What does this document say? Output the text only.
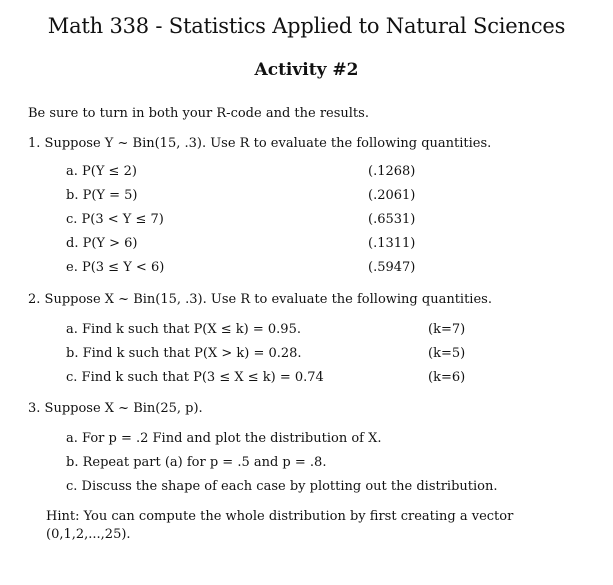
Math 338 - Statistics Applied to Natural Sciences
Activity #2
Be sure to turn in both your R-code and the results.
1. Suppose Y ~ Bin(15, .3). Use R to evaluate the following quantities.
a. P(Y ≤ 2)	(.1268)
b. P(Y = 5)	(.2061)
c. P(3 < Y ≤ 7)	(.6531)
d. P(Y > 6)	(.1311)
e. P(3 ≤ Y < 6)	(.5947)
2. Suppose X ~ Bin(15, .3). Use R to evaluate the following quantities.
a. Find k such that P(X ≤ k) = 0.95.	(k=7)
b. Find k such that P(X > k) = 0.28.	(k=5)
c. Find k such that P(3 ≤ X ≤ k) = 0.74	(k=6)
3. Suppose X ~ Bin(25, p).
a. For p = .2 Find and plot the distribution of X.
b. Repeat part (a) for p = .5 and p = .8.
c. Discuss the shape of each case by plotting out the distribution.
Hint: You can compute the whole distribution by first creating a vector
(0,1,2,...,25).
